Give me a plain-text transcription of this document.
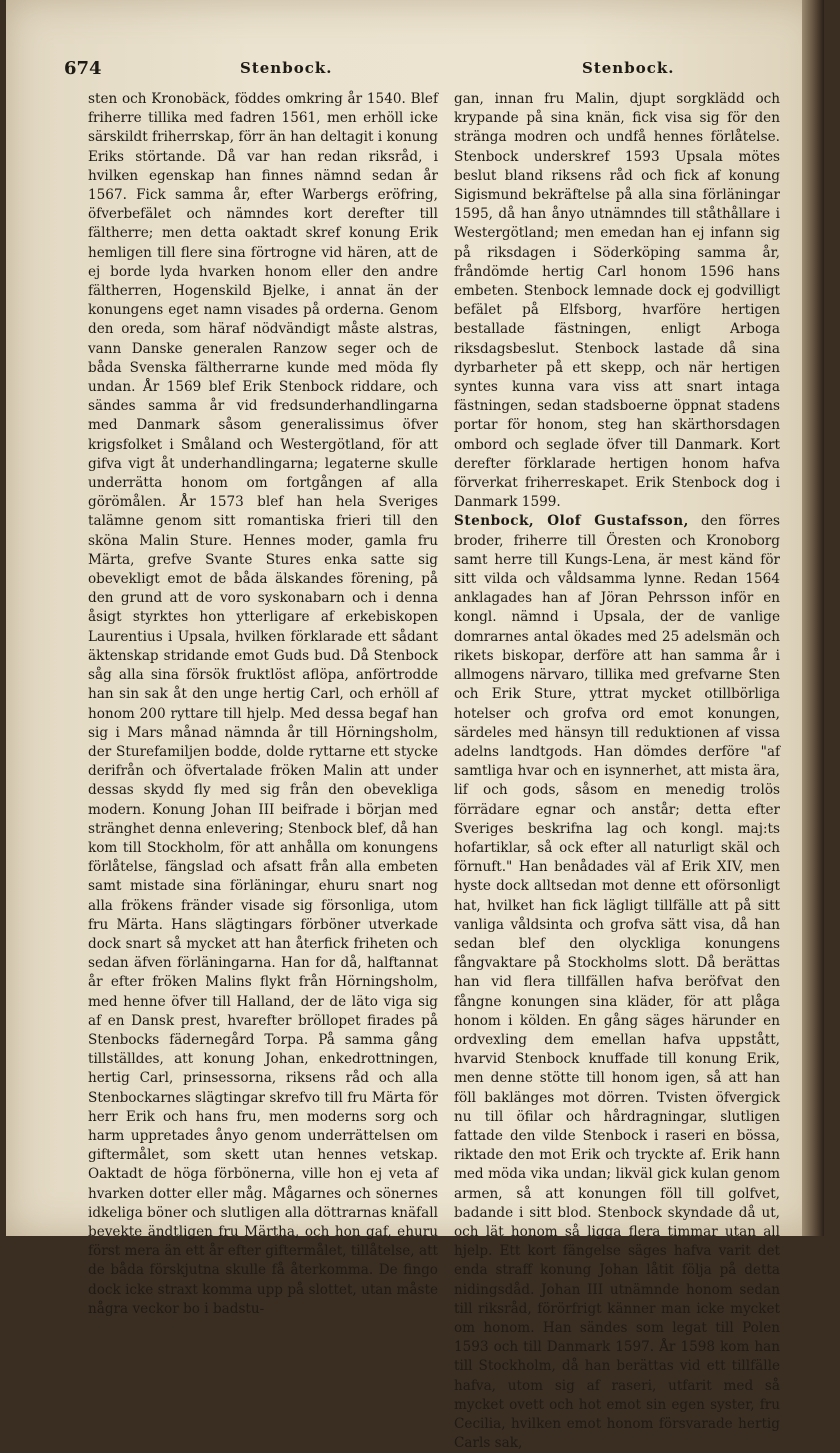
674	Stenbock.	Stenbock.

sten och Kronobäck, föddes omkring år 1540. Blef friherre tillika med fadren 1561, men erhöll icke särskildt friherrskap, förr än han deltagit i konung Eriks störtande. Då var han redan riksråd, i hvilken egenskap han finnes nämnd sedan år 1567. Fick samma år, efter Warbergs eröfring, öfverbefälet och nämndes kort derefter till fältherre; men detta oaktadt skref konung Erik hemligen till flere sina förtrogne vid hären, att de ej borde lyda hvarken honom eller den andre fältherren, Hogenskild Bjelke, i annat än der konungens eget namn visades på orderna. Genom den oreda, som häraf nödvändigt måste alstras, vann Danske generalen Ranzow seger och de båda Svenska fältherrarne kunde med möda fly undan. År 1569 blef Erik Stenbock riddare, och sändes samma år vid fredsunderhandlingarna med Danmark såsom generalissimus öfver krigsfolket i Småland och Westergötland, för att gifva vigt åt underhandlingarna; legaterne skulle underrätta honom om fortgången af alla görömålen. År 1573 blef han hela Sveriges talämne genom sitt romantiska frieri till den sköna Malin Sture. Hennes moder, gamla fru Märta, grefve Svante Stures enka satte sig obevekligt emot de båda älskandes förening, på den grund att de voro syskonabarn och i denna åsigt styrktes hon ytterligare af erkebiskopen Laurentius i Upsala, hvilken förklarade ett sådant äktenskap stridande emot Guds bud. Då Stenbock såg alla sina försök fruktlöst aflöpa, anförtrodde han sin sak åt den unge hertig Carl, och erhöll af honom 200 ryttare till hjelp. Med dessa begaf han sig i Mars månad nämnda år till Hörningsholm, der Sturefamiljen bodde, dolde ryttarne ett stycke derifrån och öfvertalade fröken Malin att under dessas skydd fly med sig från den obevekliga modern. Konung Johan III beifrade i början med stränghet denna enlevering; Stenbock blef, då han kom till Stockholm, för att anhålla om konungens förlåtelse, fängslad och afsatt från alla embeten samt mistade sina förläningar, ehuru snart nog alla frökens fränder visade sig försonliga, utom fru Märta. Hans slägtingars förböner utverkade dock snart så mycket att han återfick friheten och sedan äfven förläningarna. Han for då, halftannat år efter fröken Malins flykt från Hörningsholm, med henne öfver till Halland, der de läto viga sig af en Dansk prest, hvarefter bröllopet firades på Stenbocks fädernegård Torpa. På samma gång tillställdes, att konung Johan, enkedrottningen, hertig Carl, prinsessorna, riksens råd och alla Stenbockarnes slägtingar skrefvo till fru Märta för herr Erik och hans fru, men moderns sorg och harm uppretades ånyo genom underrättelsen om giftermålet, som skett utan hennes vetskap. Oaktadt de höga förbönerna, ville hon ej veta af hvarken dotter eller måg. Mågarnes och sönernes idkeliga böner och slutligen alla döttrarnas knäfall bevekte ändtligen fru Märtha, och hon gaf, ehuru först mera än ett år efter giftermålet, tillåtelse, att de båda förskjutna skulle få återkomma. De fingo dock icke straxt komma upp på slottet, utan måste några veckor bo i badstu-

gan, innan fru Malin, djupt sorgklädd och krypande på sina knän, fick visa sig för den stränga modren och undfå hennes förlåtelse. Stenbock underskref 1593 Upsala mötes beslut bland riksens råd och fick af konung Sigismund bekräftelse på alla sina förläningar 1595, då han ånyo utnämndes till ståthållare i Westergötland; men emedan han ej infann sig på riksdagen i Söderköping samma år, fråndömde hertig Carl honom 1596 hans embeten. Stenbock lemnade dock ej godvilligt befälet på Elfsborg, hvarföre hertigen bestallade fästningen, enligt Arboga riksdagsbeslut. Stenbock lastade då sina dyrbarheter på ett skepp, och när hertigen syntes kunna vara viss att snart intaga fästningen, sedan stadsboerne öppnat stadens portar för honom, steg han skärthorsdagen ombord och seglade öfver till Danmark. Kort derefter förklarade hertigen honom hafva förverkat friherreskapet. Erik Stenbock dog i Danmark 1599.

Stenbock, Olof Gustafsson, den förres broder, friherre till Öresten och Kronoborg samt herre till Kungs-Lena, är mest känd för sitt vilda och våldsamma lynne. Redan 1564 anklagades han af Jöran Pehrsson inför en kongl. nämnd i Upsala, der de vanlige domrarnes antal ökades med 25 adelsmän och rikets biskopar, derföre att han samma år i allmogens närvaro, tillika med grefvarne Sten och Erik Sture, yttrat mycket otillbörliga hotelser och grofva ord emot konungen, särdeles med hänsyn till reduktionen af vissa adelns landtgods. Han dömdes derföre "af samtliga hvar och en isynnerhet, att mista ära, lif och gods, såsom en menedig trolös förrädare egnar och anstår; detta efter Sveriges beskrifna lag och kongl. maj:ts hofartiklar, så ock efter all naturligt skäl och förnuft." Han benådades väl af Erik XIV, men hyste dock alltsedan mot denne ett oförsonligt hat, hvilket han fick lägligt tillfälle att på sitt vanliga våldsinta och grofva sätt visa, då han sedan blef den olyckliga konungens fångvaktare på Stockholms slott. Då berättas han vid flera tillfällen hafva beröfvat den fångne konungen sina kläder, för att plåga honom i kölden. En gång säges härunder en ordvexling dem emellan hafva uppstått, hvarvid Stenbock knuffade till konung Erik, men denne stötte till honom igen, så att han föll baklänges mot dörren. Tvisten öfvergick nu till öfilar och hårdragningar, slutligen fattade den vilde Stenbock i raseri en bössa, riktade den mot Erik och tryckte af. Erik hann med möda vika undan; likväl gick kulan genom armen, så att konungen föll till golfvet, badande i sitt blod. Stenbock skyndade då ut, och lät honom så ligga flera timmar utan all hjelp. Ett kort fängelse säges hafva varit det enda straff konung Johan låtit följa på detta nidingsdåd. Johan III utnämnde honom sedan till riksråd, förörfrigt känner man icke mycket om honom. Han sändes som legat till Polen 1593 och till Danmark 1597. År 1598 kom han till Stockholm, då han berättas vid ett tillfälle hafva, utom sig af raseri, utfarit med så mycket ovett och hot emot sin egen syster, fru Cecilia, hvilken emot honom försvarade hertig Carls sak,
